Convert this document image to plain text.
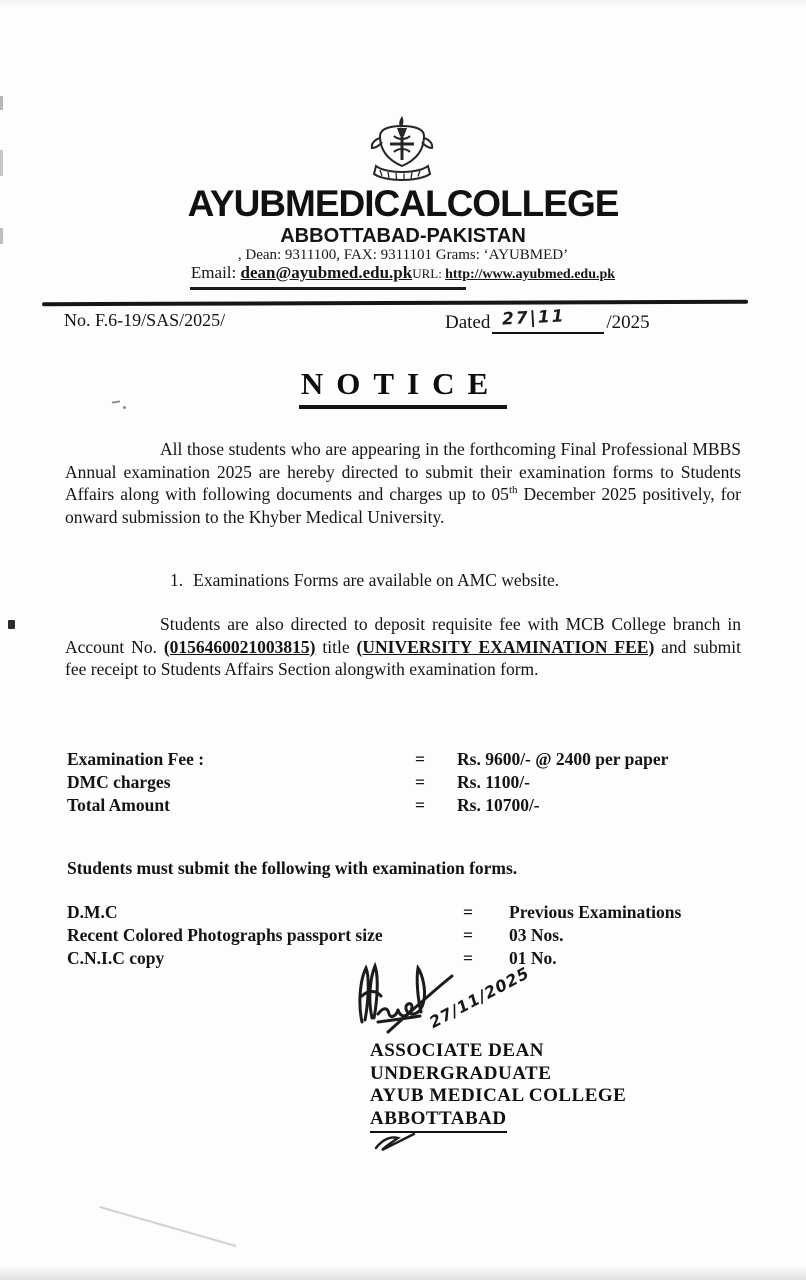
AYUBMEDICALCOLLEGE
ABBOTTABAD-PAKISTAN
, Dean: 9311100, FAX: 9311101 Grams: ‘AYUBMED’
Email: dean@ayubmed.edu.pkURL: http://www.ayubmed.edu.pk
No. F.6-19/SAS/2025/	Dated 27|11 /2025
NOTICE

All those students who are appearing in the forthcoming Final Professional MBBS Annual examination 2025 are hereby directed to submit their examination forms to Students Affairs along with following documents and charges up to 05th December 2025 positively, for onward submission to the Khyber Medical University.

1. Examinations Forms are available on AMC website.

Students are also directed to deposit requisite fee with MCB College branch in Account No. (0156460021003815) title (UNIVERSITY EXAMINATION FEE) and submit fee receipt to Students Affairs Section alongwith examination form.

Examination Fee :	=	Rs. 9600/- @ 2400 per paper
DMC charges	=	Rs. 1100/-
Total Amount	=	Rs. 10700/-
Students must submit the following with examination forms.
D.M.C	=	Previous Examinations
Recent Colored Photographs passport size	=	03 Nos.
C.N.I.C copy	=	01 No.
27/11/2025
ASSOCIATE DEAN
UNDERGRADUATE
AYUB MEDICAL COLLEGE
ABBOTTABAD
